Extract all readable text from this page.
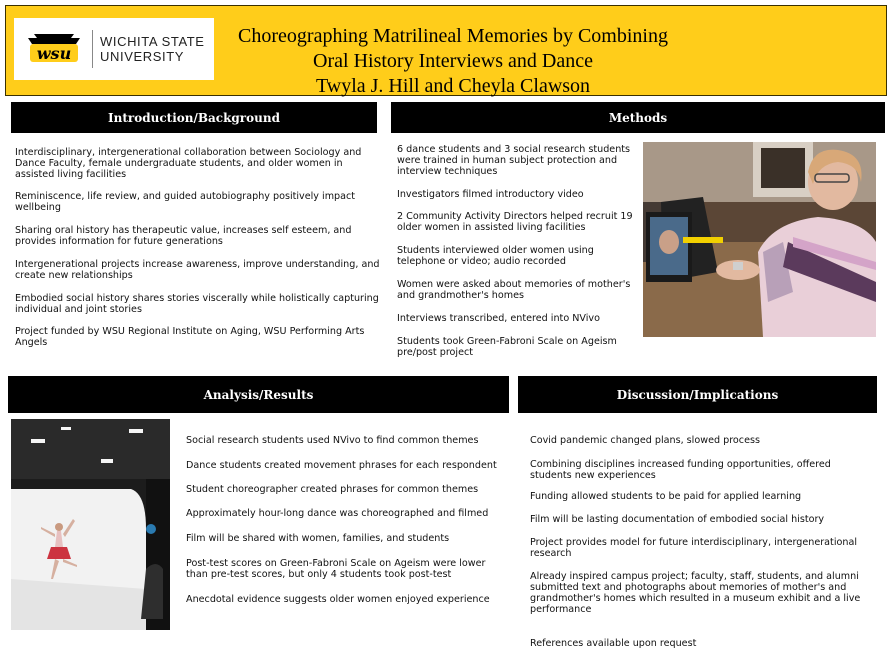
wsu
WICHITA STATE
UNIVERSITY
Choreographing Matrilineal Memories by Combining
Oral History Interviews and Dance
Twyla J. Hill and Cheyla Clawson
Introduction/Background

Interdisciplinary, intergenerational collaboration between Sociology and Dance Faculty, female undergraduate students, and older women in assisted living facilities

Reminiscence, life review, and guided autobiography positively impact wellbeing

Sharing oral history has therapeutic value, increases self esteem, and provides information for future generations

Intergenerational projects increase awareness, improve understanding, and create new relationships

Embodied social history shares stories viscerally while holistically capturing individual and joint stories

Project funded by WSU Regional Institute on Aging, WSU Performing Arts Angels

Methods

6 dance students and 3 social research students were trained in human subject protection and interview techniques

Investigators filmed introductory video

2 Community Activity Directors helped recruit 19 older women in assisted living facilities

Students interviewed older women using telephone or video; audio recorded

Women were asked about memories of mother's and grandmother's homes

Interviews transcribed, entered into NVivo

Students took Green-Fabroni Scale on Ageism pre/post project

Analysis/Results

Social research students used NVivo to find common themes

Dance students created movement phrases for each respondent

Student choreographer created phrases for common themes

Approximately hour-long dance was choreographed and filmed

Film will be shared with women, families, and students

Post-test scores on Green-Fabroni Scale on Ageism were lower than pre-test scores, but only 4 students took post-test

Anecdotal evidence suggests older women enjoyed experience

Discussion/Implications

Covid pandemic changed plans, slowed process

Combining disciplines increased funding opportunities, offered students new experiences

Funding allowed students to be paid for applied learning

Film will be lasting documentation of embodied social history

Project provides model for future interdisciplinary, intergenerational research

Already inspired campus project; faculty, staff, students, and alumni submitted text and photographs about memories of mother's and grandmother's homes which resulted in a museum exhibit and a live performance

References available upon request
